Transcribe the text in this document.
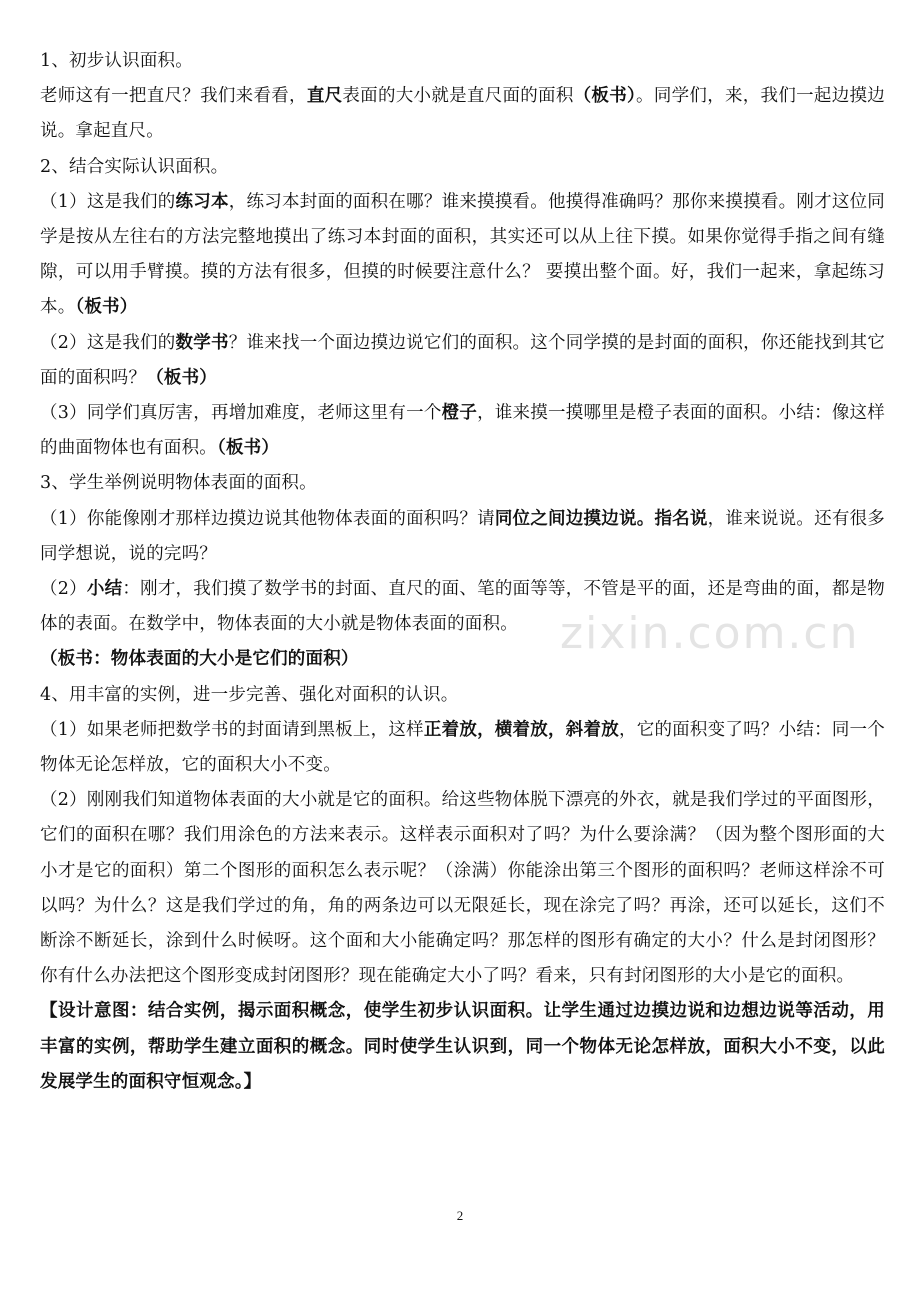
zixin.com.cn

1、初步认识面积。

老师这有一把直尺？我们来看看，直尺表面的大小就是直尺面的面积（板书）。同学们，来，我们一起边摸边说。拿起直尺。

2、结合实际认识面积。

（1）这是我们的练习本，练习本封面的面积在哪？谁来摸摸看。他摸得准确吗？那你来摸摸看。刚才这位同学是按从左往右的方法完整地摸出了练习本封面的面积，其实还可以从上往下摸。如果你觉得手指之间有缝隙，可以用手臂摸。摸的方法有很多，但摸的时候要注意什么？ 要摸出整个面。好，我们一起来，拿起练习本。（板书）

（2）这是我们的数学书？谁来找一个面边摸边说它们的面积。这个同学摸的是封面的面积，你还能找到其它面的面积吗？（板书）

（3）同学们真厉害，再增加难度，老师这里有一个橙子，谁来摸一摸哪里是橙子表面的面积。小结：像这样的曲面物体也有面积。（板书）

3、学生举例说明物体表面的面积。

（1）你能像刚才那样边摸边说其他物体表面的面积吗？请同位之间边摸边说。指名说，谁来说说。还有很多同学想说，说的完吗？

（2）小结：刚才，我们摸了数学书的封面、直尺的面、笔的面等等，不管是平的面，还是弯曲的面，都是物体的表面。在数学中，物体表面的大小就是物体表面的面积。

（板书：物体表面的大小是它们的面积）

4、用丰富的实例，进一步完善、强化对面积的认识。

（1）如果老师把数学书的封面请到黑板上，这样正着放，横着放，斜着放，它的面积变了吗？小结：同一个物体无论怎样放，它的面积大小不变。

（2）刚刚我们知道物体表面的大小就是它的面积。给这些物体脱下漂亮的外衣，就是我们学过的平面图形，它们的面积在哪？我们用涂色的方法来表示。这样表示面积对了吗？为什么要涂满？（因为整个图形面的大小才是它的面积）第二个图形的面积怎么表示呢？（涂满）你能涂出第三个图形的面积吗？老师这样涂不可以吗？为什么？这是我们学过的角，角的两条边可以无限延长，现在涂完了吗？再涂，还可以延长，这们不断涂不断延长，涂到什么时候呀。这个面和大小能确定吗？那怎样的图形有确定的大小？什么是封闭图形？你有什么办法把这个图形变成封闭图形？现在能确定大小了吗？看来，只有封闭图形的大小是它的面积。

【设计意图：结合实例，揭示面积概念，使学生初步认识面积。让学生通过边摸边说和边想边说等活动，用丰富的实例，帮助学生建立面积的概念。同时使学生认识到，同一个物体无论怎样放，面积大小不变，以此发展学生的面积守恒观念。】

2
